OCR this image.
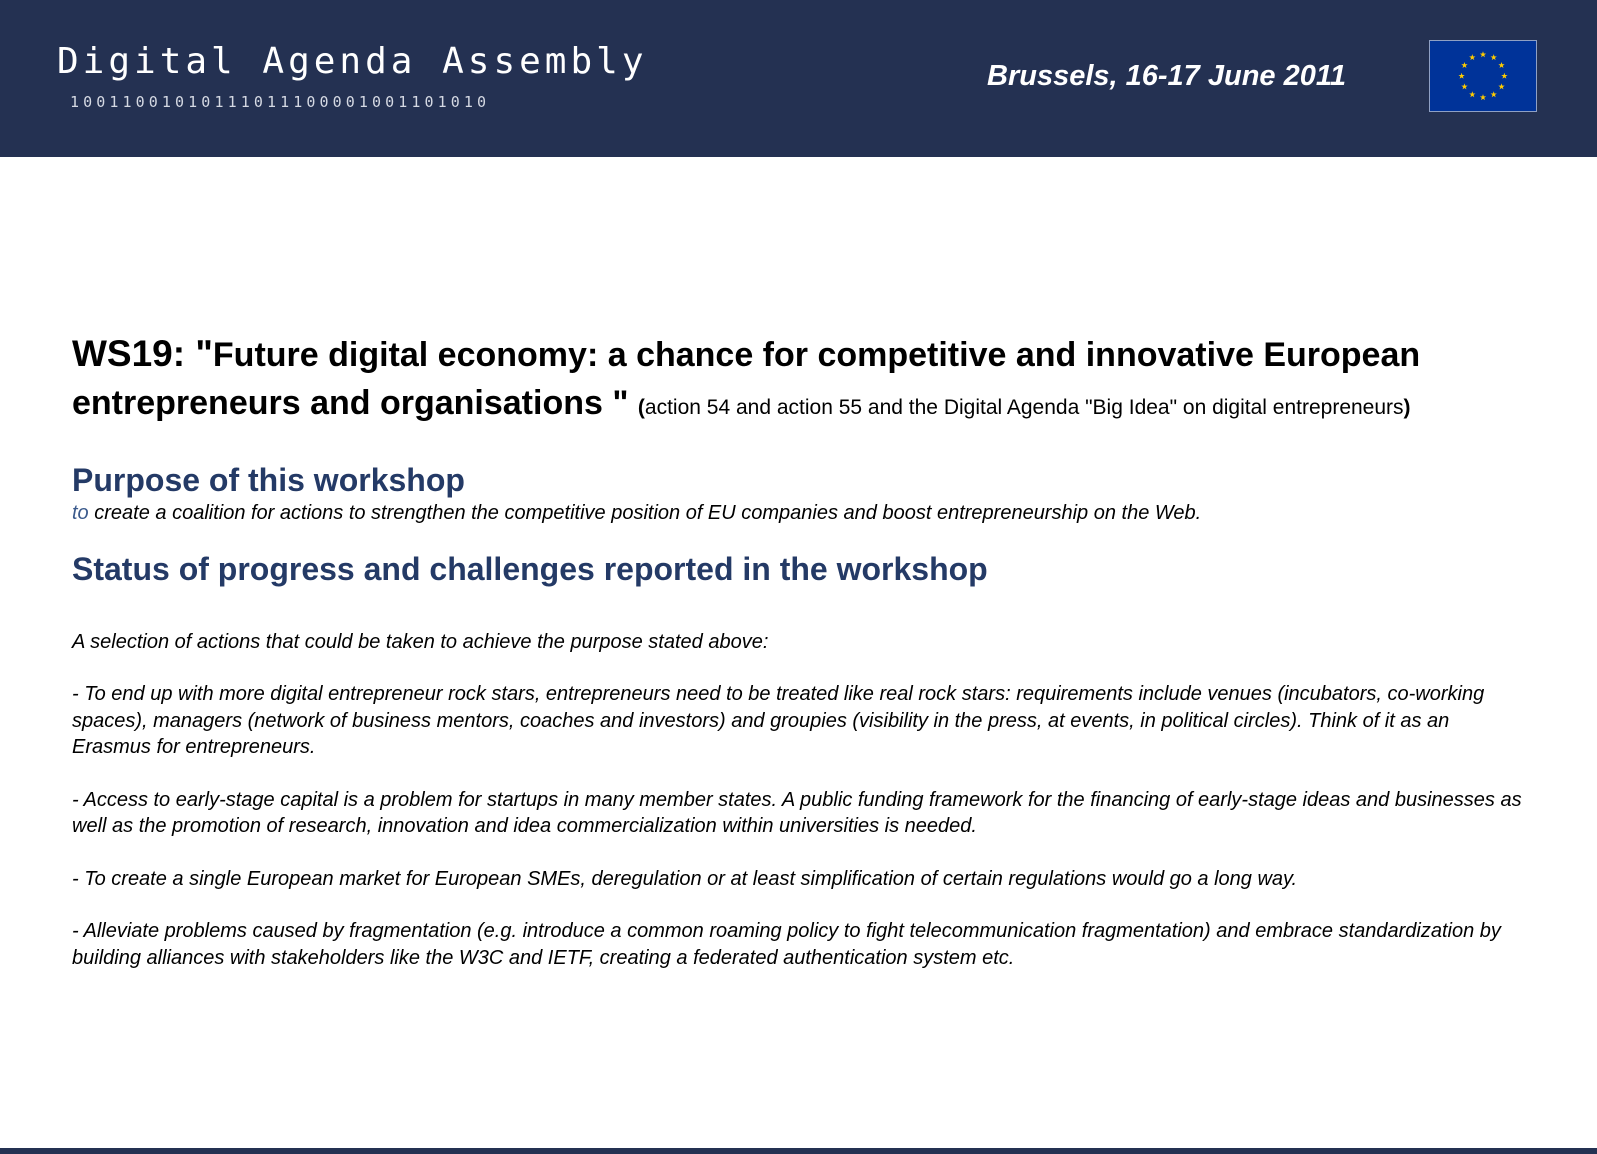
Digital Agenda Assembly
10011001010111011100001001101010
Brussels, 16-17 June 2011
WS19: "Future digital economy: a chance for competitive and innovative European entrepreneurs and organisations " (action 54 and action 55 and the Digital Agenda "Big Idea" on digital entrepreneurs)
Purpose of this workshop

to create a coalition for actions to strengthen the competitive position of EU companies and boost entrepreneurship on the Web.

Status of progress and challenges reported in the workshop

A selection of actions that could be taken to achieve the purpose stated above:

- To end up with more digital entrepreneur rock stars, entrepreneurs need to be treated like real rock stars: requirements include venues (incubators, co-working spaces), managers (network of business mentors, coaches and investors) and groupies (visibility in the press, at events, in political circles). Think of it as an Erasmus for entrepreneurs.

- Access to early-stage capital is a problem for startups in many member states. A public funding framework for the financing of early-stage ideas and businesses as well as the promotion of research, innovation and idea commercialization within universities is needed.

- To create a single European market for European SMEs, deregulation or at least simplification of certain regulations would go a long way.

- Alleviate problems caused by fragmentation (e.g. introduce a common roaming policy to fight telecommunication fragmentation) and embrace standardization by building alliances with stakeholders like the W3C and IETF, creating a federated authentication system etc.
